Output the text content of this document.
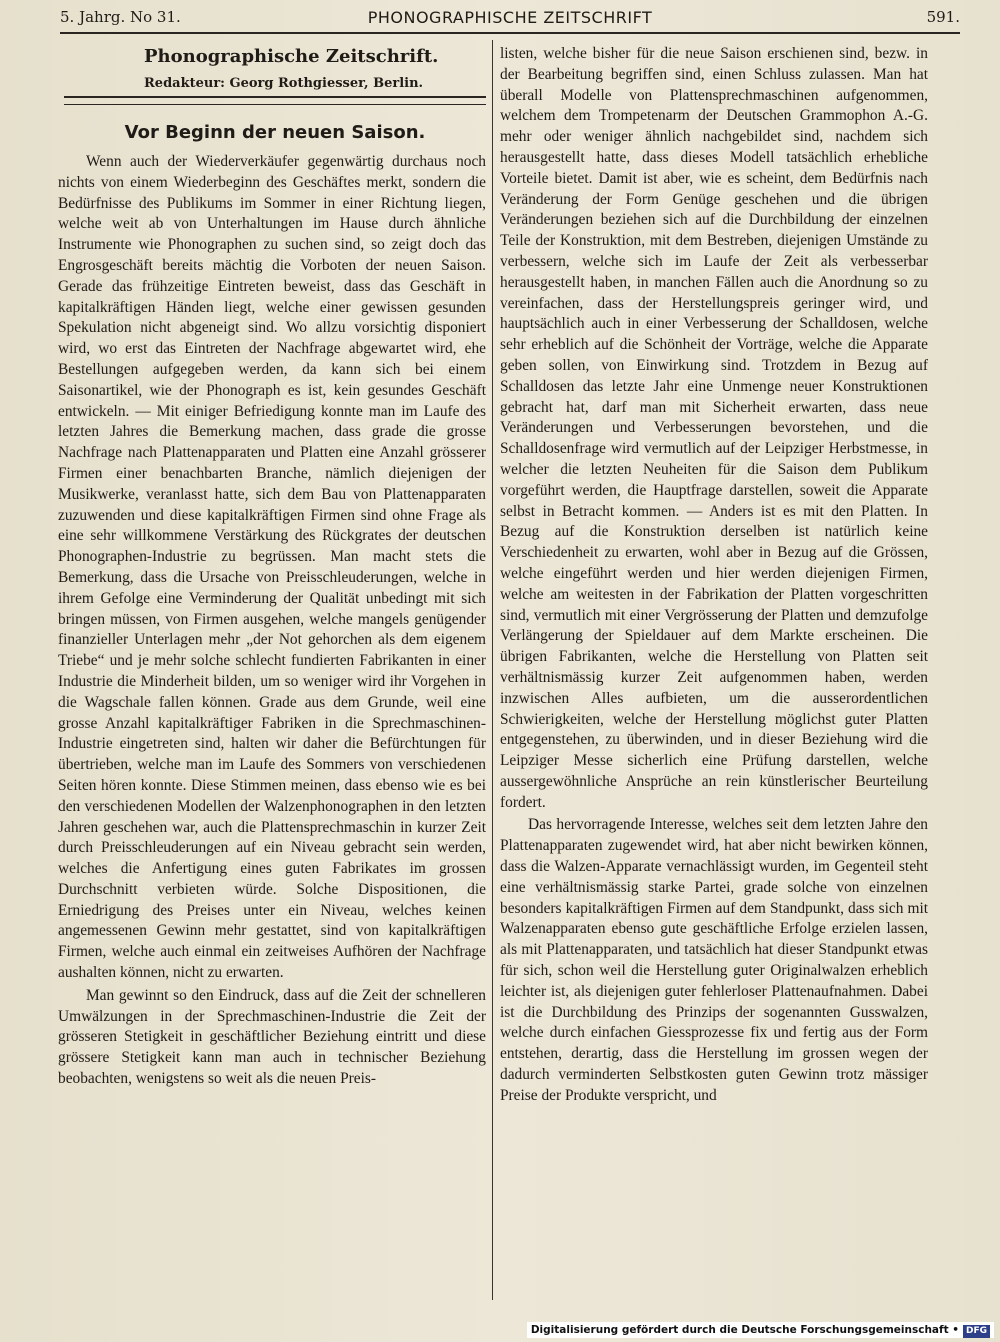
5. Jahrg. No 31.	PHONOGRAPHISCHE ZEITSCHRIFT	591.
Phonographische Zeitschrift.
Redakteur: Georg Rothgiesser, Berlin.
Vor Beginn der neuen Saison.

Wenn auch der Wiederverkäufer gegenwärtig durchaus noch nichts von einem Wiederbeginn des Geschäftes merkt, sondern die Bedürfnisse des Publikums im Sommer in einer Richtung liegen, welche weit ab von Unterhaltungen im Hause durch ähnliche Instrumente wie Phonographen zu suchen sind, so zeigt doch das Engrosgeschäft bereits mächtig die Vorboten der neuen Saison. Gerade das frühzeitige Eintreten beweist, dass das Geschäft in kapitalkräftigen Händen liegt, welche einer gewissen gesunden Spekulation nicht abgeneigt sind. Wo allzu vorsichtig disponiert wird, wo erst das Eintreten der Nachfrage abgewartet wird, ehe Bestellungen aufgegeben werden, da kann sich bei einem Saisonartikel, wie der Phonograph es ist, kein gesundes Geschäft entwickeln. — Mit einiger Befriedigung konnte man im Laufe des letzten Jahres die Bemerkung machen, dass grade die grosse Nachfrage nach Plattenapparaten und Platten eine Anzahl grösserer Firmen einer benachbarten Branche, nämlich diejenigen der Musikwerke, veranlasst hatte, sich dem Bau von Plattenapparaten zuzuwenden und diese kapitalkräftigen Firmen sind ohne Frage als eine sehr willkommene Verstärkung des Rückgrates der deutschen Phonographen-Industrie zu begrüssen. Man macht stets die Bemerkung, dass die Ursache von Preisschleuderungen, welche in ihrem Gefolge eine Verminderung der Qualität unbedingt mit sich bringen müssen, von Firmen ausgehen, welche mangels genügender finanzieller Unterlagen mehr „der Not gehorchen als dem eigenem Triebe“ und je mehr solche schlecht fundierten Fabrikanten in einer Industrie die Minderheit bilden, um so weniger wird ihr Vorgehen in die Wagschale fallen können. Grade aus dem Grunde, weil eine grosse Anzahl kapitalkräftiger Fabriken in die Sprechmaschinen-Industrie eingetreten sind, halten wir daher die Befürchtungen für übertrieben, welche man im Laufe des Sommers von verschiedenen Seiten hören konnte. Diese Stimmen meinen, dass ebenso wie es bei den verschiedenen Modellen der Walzenphonographen in den letzten Jahren geschehen war, auch die Plattensprechmaschin in kurzer Zeit durch Preisschleuderungen auf ein Niveau gebracht sein werden, welches die Anfertigung eines guten Fabrikates im grossen Durchschnitt verbieten würde. Solche Dispositionen, die Erniedrigung des Preises unter ein Niveau, welches keinen angemessenen Gewinn mehr gestattet, sind von kapitalkräftigen Firmen, welche auch einmal ein zeitweises Aufhören der Nachfrage aushalten können, nicht zu erwarten.

Man gewinnt so den Eindruck, dass auf die Zeit der schnelleren Umwälzungen in der Sprechmaschinen-Industrie die Zeit der grösseren Stetigkeit in geschäftlicher Beziehung eintritt und diese grössere Stetigkeit kann man auch in technischer Beziehung beobachten, wenigstens so weit als die neuen Preis-

listen, welche bisher für die neue Saison erschienen sind, bezw. in der Bearbeitung begriffen sind, einen Schluss zulassen. Man hat überall Modelle von Plattensprechmaschinen aufgenommen, welchem dem Trompetenarm der Deutschen Grammophon A.-G. mehr oder weniger ähnlich nachgebildet sind, nachdem sich herausgestellt hatte, dass dieses Modell tatsächlich erhebliche Vorteile bietet. Damit ist aber, wie es scheint, dem Bedürfnis nach Veränderung der Form Genüge geschehen und die übrigen Veränderungen beziehen sich auf die Durchbildung der einzelnen Teile der Konstruktion, mit dem Bestreben, diejenigen Umstände zu verbessern, welche sich im Laufe der Zeit als verbesserbar herausgestellt haben, in manchen Fällen auch die Anordnung so zu vereinfachen, dass der Herstellungspreis geringer wird, und hauptsächlich auch in einer Verbesserung der Schalldosen, welche sehr erheblich auf die Schönheit der Vorträge, welche die Apparate geben sollen, von Einwirkung sind. Trotzdem in Bezug auf Schalldosen das letzte Jahr eine Unmenge neuer Konstruktionen gebracht hat, darf man mit Sicherheit erwarten, dass neue Veränderungen und Verbesserungen bevorstehen, und die Schalldosenfrage wird vermutlich auf der Leipziger Herbstmesse, in welcher die letzten Neuheiten für die Saison dem Publikum vorgeführt werden, die Hauptfrage darstellen, soweit die Apparate selbst in Betracht kommen. — Anders ist es mit den Platten. In Bezug auf die Konstruktion derselben ist natürlich keine Verschiedenheit zu erwarten, wohl aber in Bezug auf die Grössen, welche eingeführt werden und hier werden diejenigen Firmen, welche am weitesten in der Fabrikation der Platten vorgeschritten sind, vermutlich mit einer Vergrösserung der Platten und demzufolge Verlängerung der Spieldauer auf dem Markte erscheinen. Die übrigen Fabrikanten, welche die Herstellung von Platten seit verhältnismässig kurzer Zeit aufgenommen haben, werden inzwischen Alles aufbieten, um die ausserordentlichen Schwierigkeiten, welche der Herstellung möglichst guter Platten entgegenstehen, zu überwinden, und in dieser Beziehung wird die Leipziger Messe sicherlich eine Prüfung darstellen, welche aussergewöhnliche Ansprüche an rein künstlerischer Beurteilung fordert.

Das hervorragende Interesse, welches seit dem letzten Jahre den Plattenapparaten zugewendet wird, hat aber nicht bewirken können, dass die Walzen-Apparate vernachlässigt wurden, im Gegenteil steht eine verhältnismässig starke Partei, grade solche von einzelnen besonders kapitalkräftigen Firmen auf dem Standpunkt, dass sich mit Walzenapparaten ebenso gute geschäftliche Erfolge erzielen lassen, als mit Plattenapparaten, und tatsächlich hat dieser Standpunkt etwas für sich, schon weil die Herstellung guter Originalwalzen erheblich leichter ist, als diejenigen guter fehlerloser Plattenaufnahmen. Dabei ist die Durchbildung des Prinzips der sogenannten Gusswalzen, welche durch einfachen Giessprozesse fix und fertig aus der Form entstehen, derartig, dass die Herstellung im grossen wegen der dadurch verminderten Selbstkosten guten Gewinn trotz mässiger Preise der Produkte verspricht, und

Digitalisierung gefördert durch die Deutsche Forschungsgemeinschaft • DFG
